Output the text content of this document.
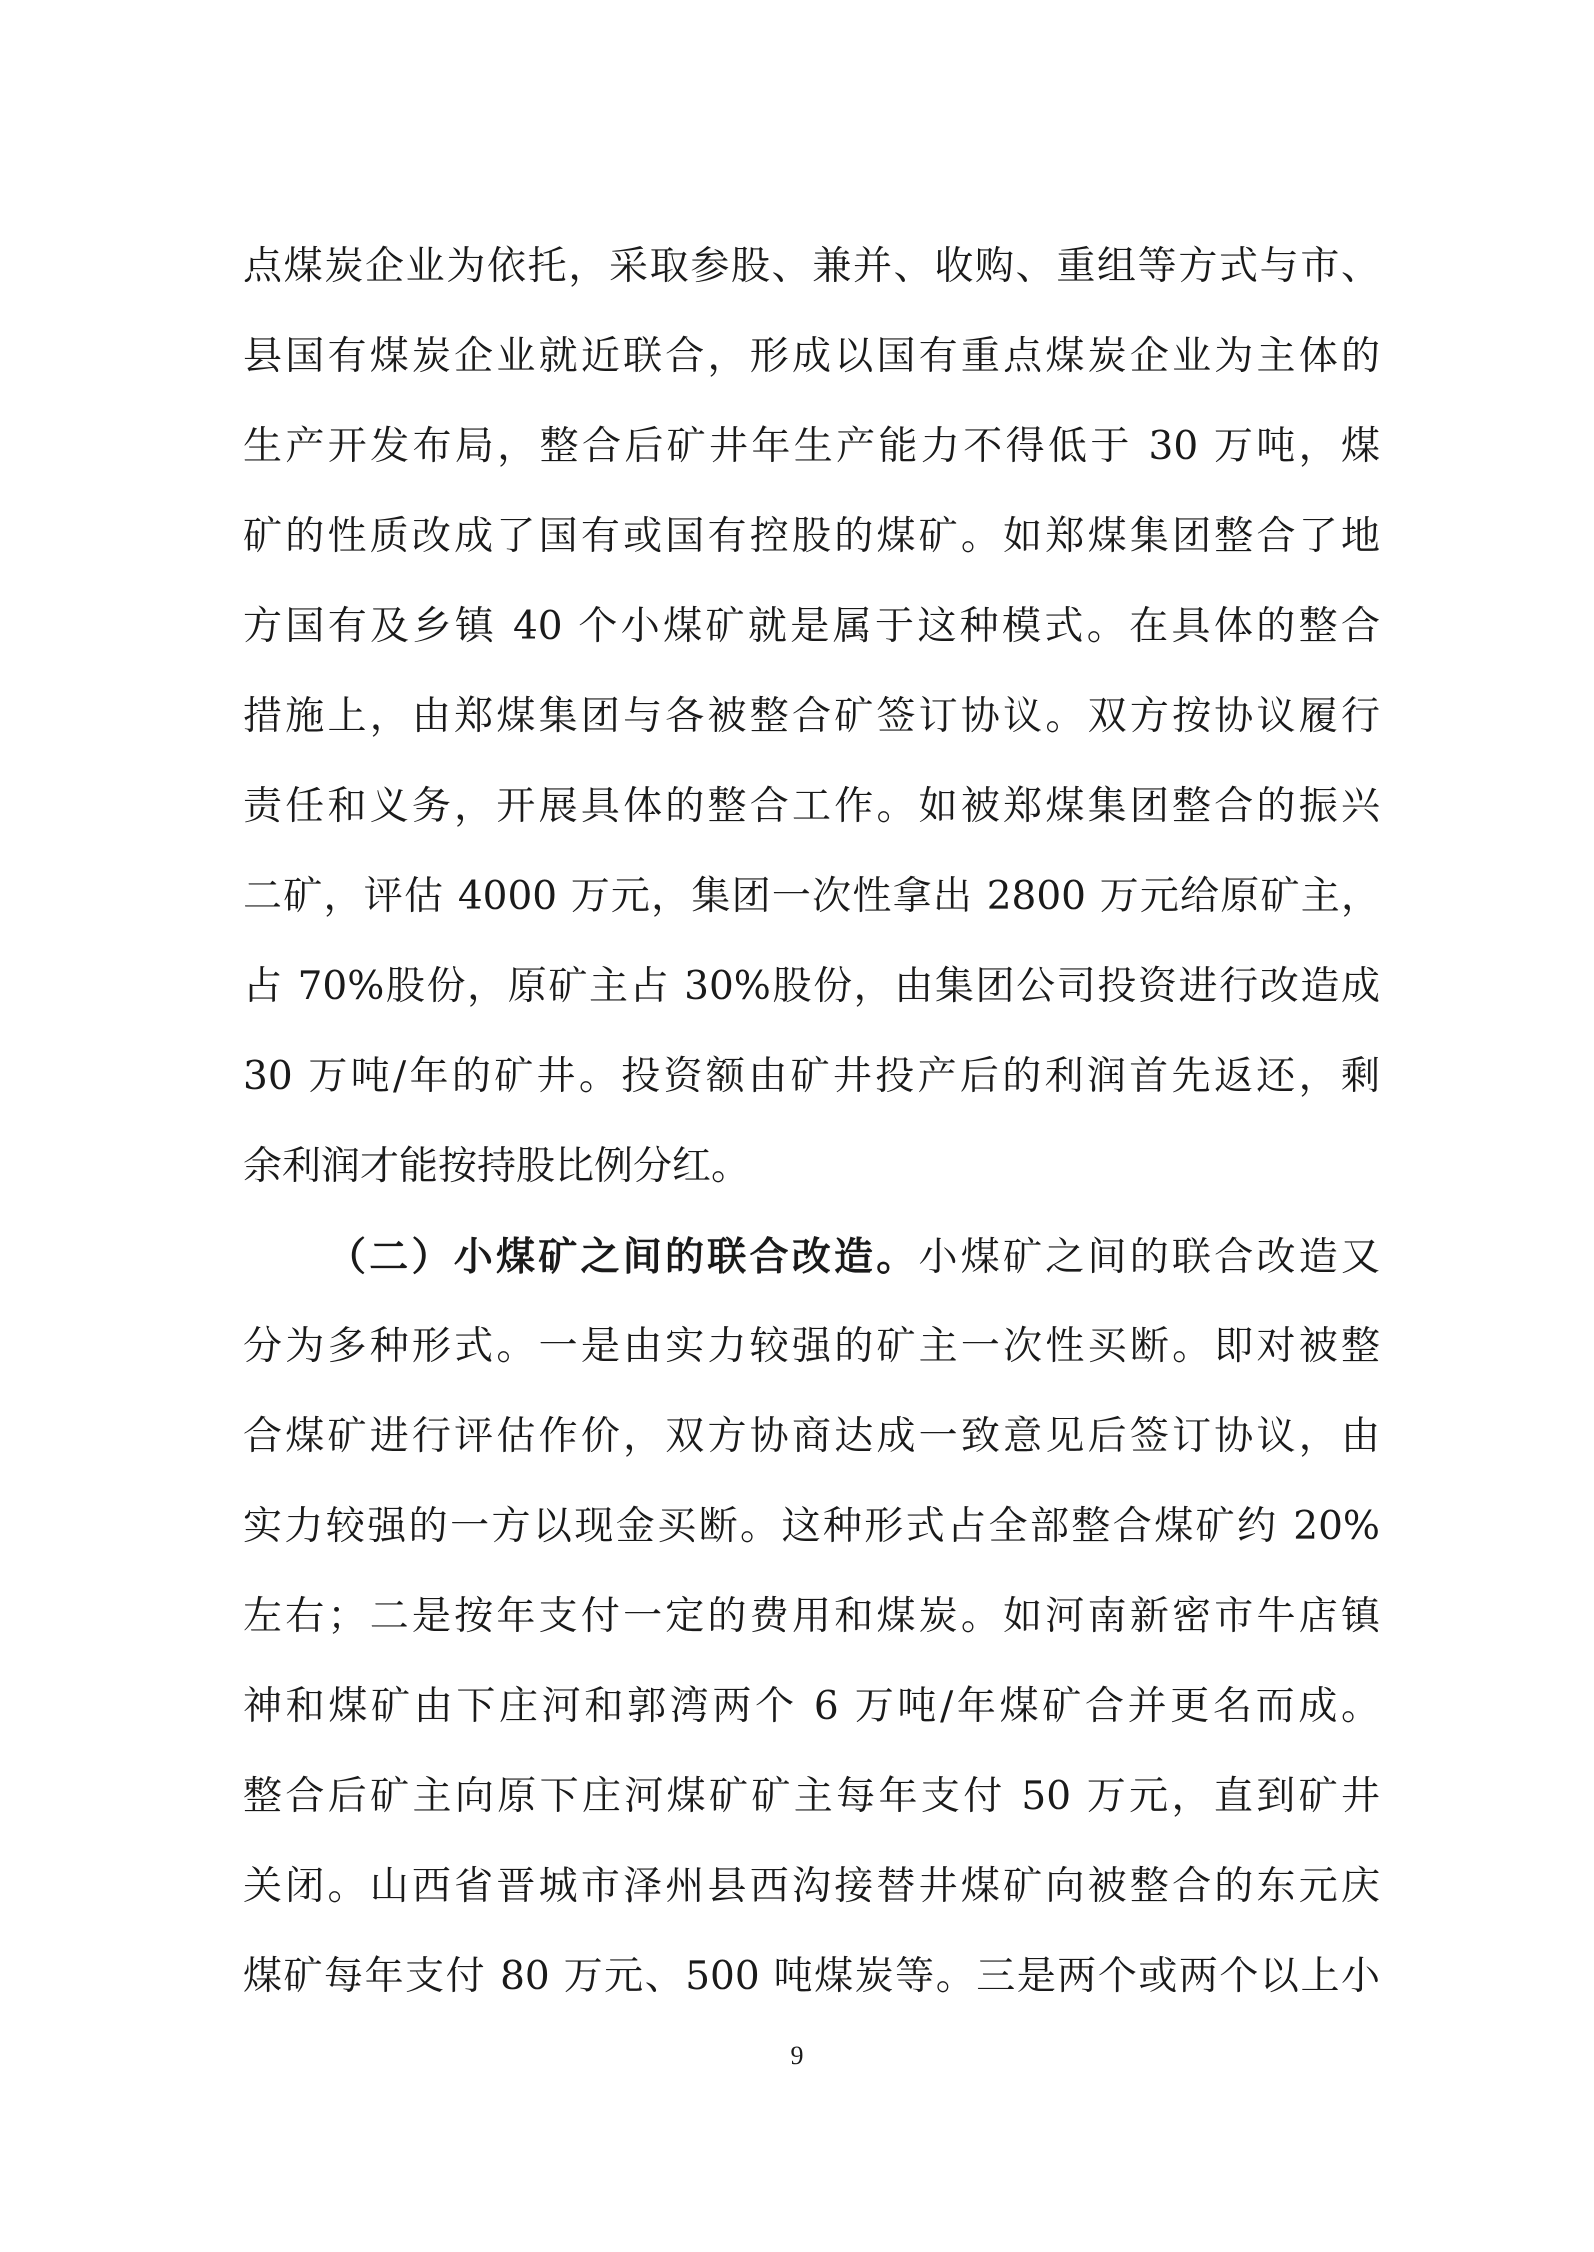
点煤炭企业为依托，采取参股、兼并、收购、重组等方式与市、
县国有煤炭企业就近联合，形成以国有重点煤炭企业为主体的
生产开发布局，整合后矿井年生产能力不得低于 30 万吨，煤
矿的性质改成了国有或国有控股的煤矿。如郑煤集团整合了地
方国有及乡镇 40 个小煤矿就是属于这种模式。在具体的整合
措施上，由郑煤集团与各被整合矿签订协议。双方按协议履行
责任和义务，开展具体的整合工作。如被郑煤集团整合的振兴
二矿，评估 4000 万元，集团一次性拿出 2800 万元给原矿主，
占 70%股份，原矿主占 30%股份，由集团公司投资进行改造成
30 万吨/年的矿井。投资额由矿井投产后的利润首先返还，剩
余利润才能按持股比例分红。
（二）小煤矿之间的联合改造。小煤矿之间的联合改造又
分为多种形式。一是由实力较强的矿主一次性买断。即对被整
合煤矿进行评估作价，双方协商达成一致意见后签订协议，由
实力较强的一方以现金买断。这种形式占全部整合煤矿约 20%
左右；二是按年支付一定的费用和煤炭。如河南新密市牛店镇
神和煤矿由下庄河和郭湾两个 6 万吨/年煤矿合并更名而成。
整合后矿主向原下庄河煤矿矿主每年支付 50 万元，直到矿井
关闭。山西省晋城市泽州县西沟接替井煤矿向被整合的东元庆
煤矿每年支付 80 万元、500 吨煤炭等。三是两个或两个以上小
9
